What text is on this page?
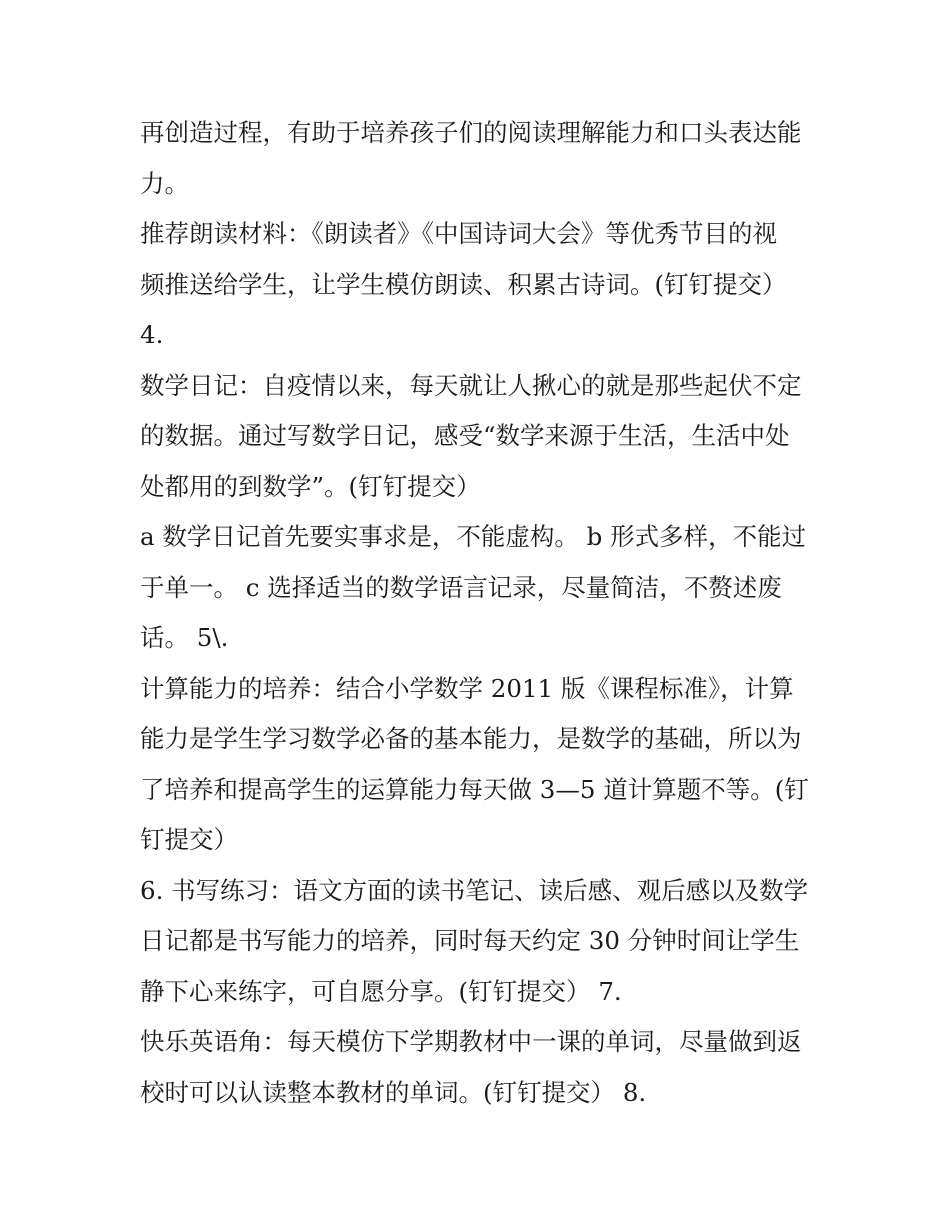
再创造过程，有助于培养孩子们的阅读理解能力和口头表达能
力。
推荐朗读材料：《朗读者》《中国诗词大会》等优秀节目的视
频推送给学生，让学生模仿朗读、积累古诗词。(钉钉提交）
4.
数学日记：自疫情以来，每天就让人揪心的就是那些起伏不定
的数据。通过写数学日记，感受“数学来源于生活，生活中处
处都用的到数学”。(钉钉提交）
a 数学日记首先要实事求是，不能虚构。 b 形式多样，不能过
于单一。 c 选择适当的数学语言记录，尽量简洁，不赘述废
话。 5\.
计算能力的培养：结合小学数学 2011 版《课程标准》，计算
能力是学生学习数学必备的基本能力，是数学的基础，所以为
了培养和提高学生的运算能力每天做 3—5 道计算题不等。(钉
钉提交）
6. 书写练习：语文方面的读书笔记、读后感、观后感以及数学
日记都是书写能力的培养，同时每天约定 30 分钟时间让学生
静下心来练字，可自愿分享。(钉钉提交） 7.
快乐英语角：每天模仿下学期教材中一课的单词，尽量做到返
校时可以认读整本教材的单词。(钉钉提交） 8.
